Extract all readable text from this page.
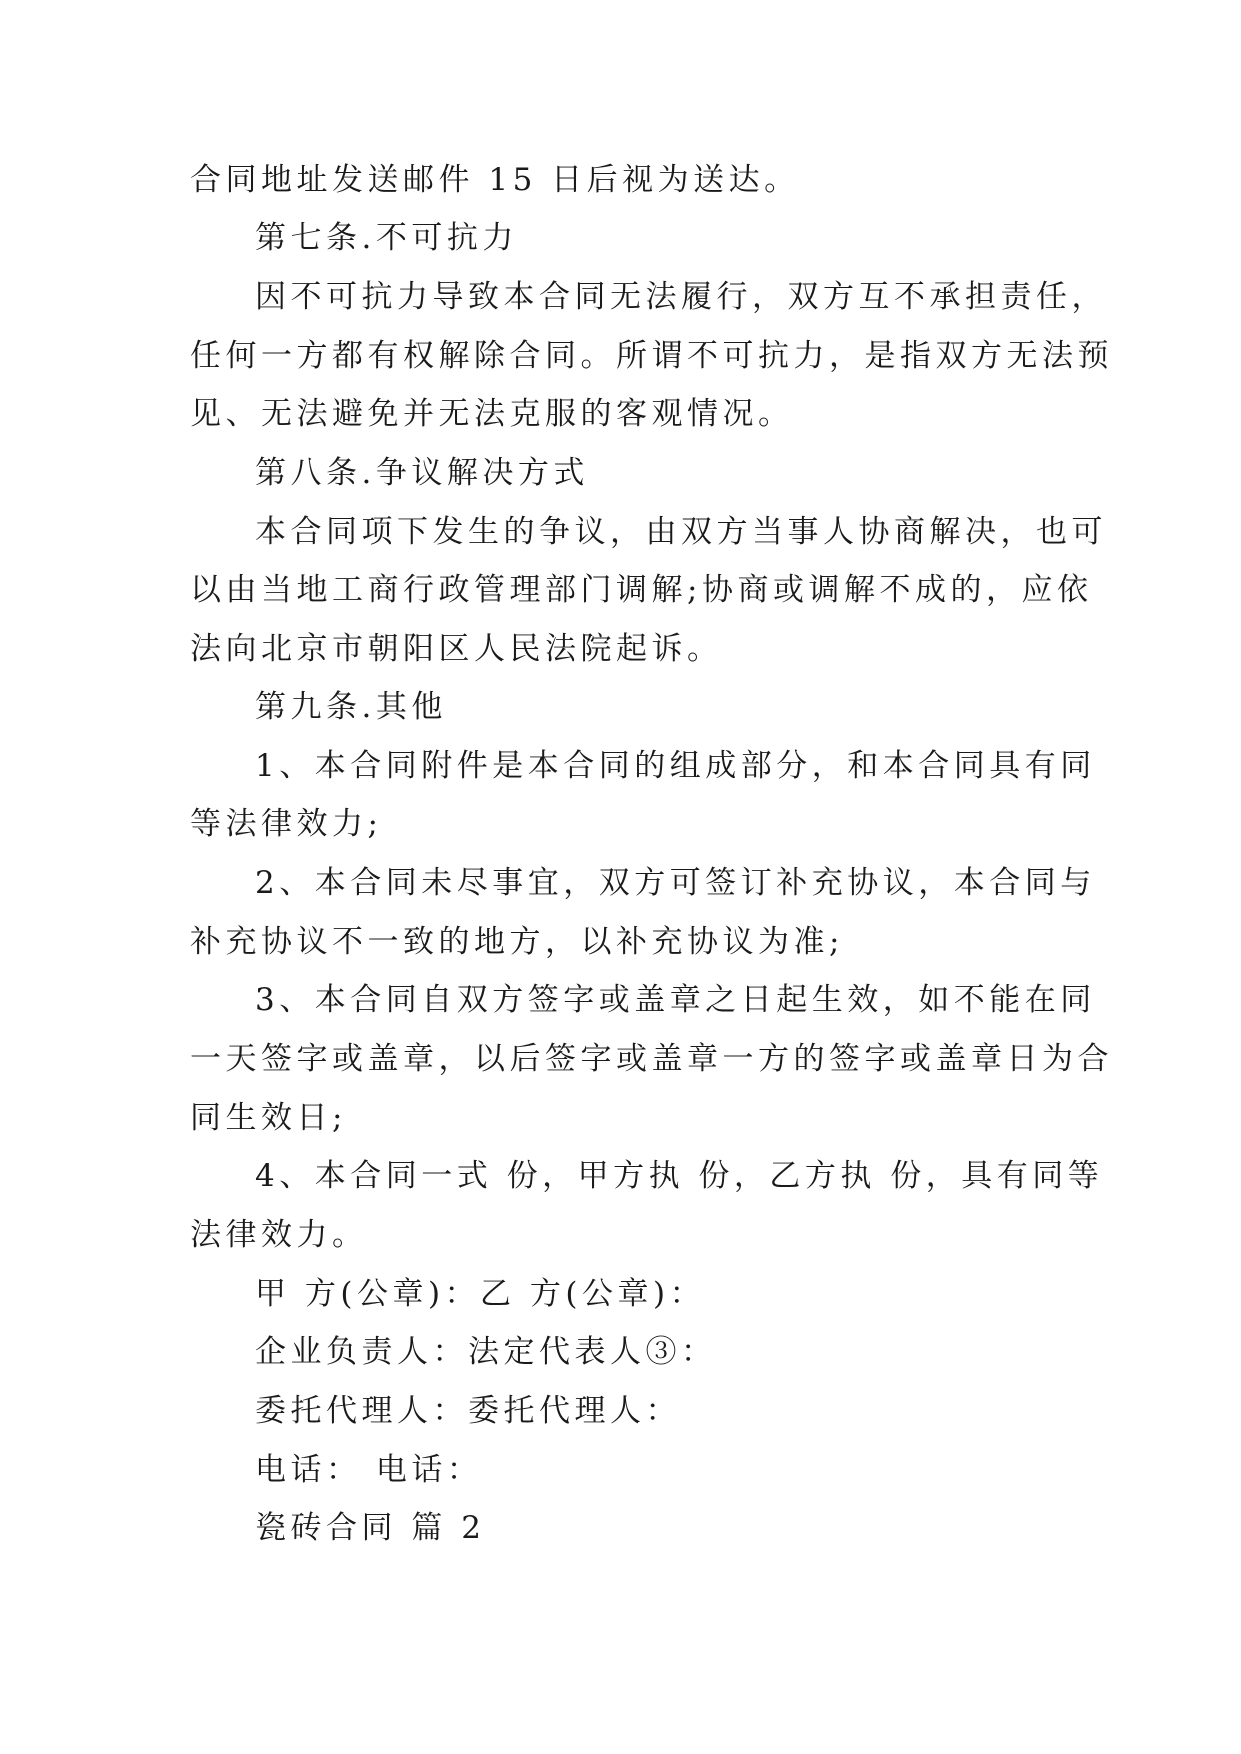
合同地址发送邮件 15 日后视为送达。
第七条.不可抗力
因不可抗力导致本合同无法履行，双方互不承担责任，
任何一方都有权解除合同。所谓不可抗力，是指双方无法预
见、无法避免并无法克服的客观情况。
第八条.争议解决方式
本合同项下发生的争议，由双方当事人协商解决，也可
以由当地工商行政管理部门调解;协商或调解不成的，应依
法向北京市朝阳区人民法院起诉。
第九条.其他
1、本合同附件是本合同的组成部分，和本合同具有同
等法律效力;
2、本合同未尽事宜，双方可签订补充协议，本合同与
补充协议不一致的地方，以补充协议为准;
3、本合同自双方签字或盖章之日起生效，如不能在同
一天签字或盖章，以后签字或盖章一方的签字或盖章日为合
同生效日;
4、本合同一式 份，甲方执 份，乙方执 份，具有同等
法律效力。
甲 方(公章)：乙 方(公章)：
企业负责人：法定代表人③：
委托代理人：委托代理人：
电话： 电话：
瓷砖合同 篇 2
